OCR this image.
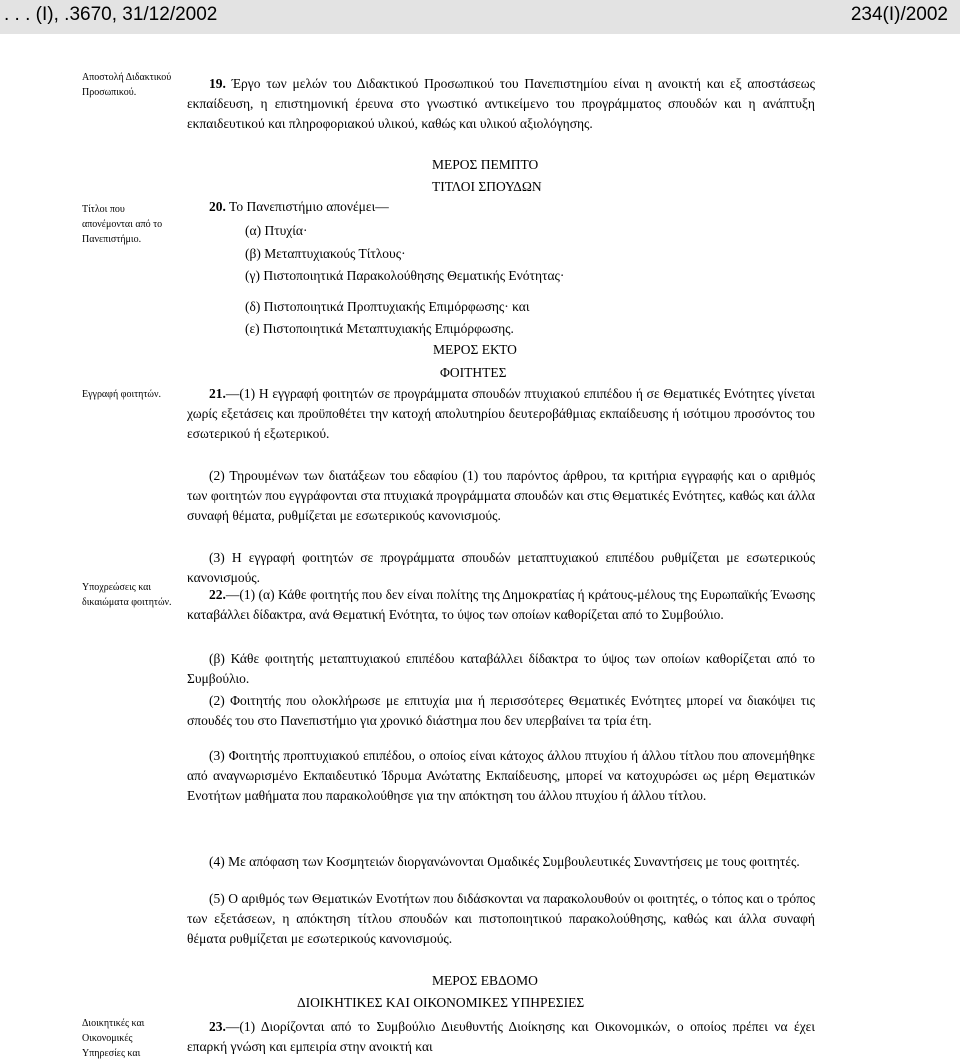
. . . (Ι), .3670, 31/12/2002	234(Ι)/2002
Αποστολή Διδακτικού Προσωπικού.
Τίτλοι που απονέμονται από το Πανεπιστήμιο.
Εγγραφή φοιτητών.
Υποχρεώσεις και δικαιώματα φοιτητών.
Διοικητικές και Οικονομικές Υπηρεσίες και
19. Έργο των μελών του Διδακτικού Προσωπικού του Πανεπιστημίου είναι η ανοικτή και εξ αποστάσεως εκπαίδευση, η επιστημονική έρευνα στο γνωστικό αντικείμενο του προγράμματος σπουδών και η ανάπτυξη εκπαιδευτικού και πληροφοριακού υλικού, καθώς και υλικού αξιολόγησης.
ΜΕΡΟΣ ΠΕΜΠΤΟ
ΤΙΤΛΟΙ ΣΠΟΥΔΩΝ
20. Το Πανεπιστήμιο απονέμει—
(α) Πτυχία·
(β) Μεταπτυχιακούς Τίτλους·
(γ) Πιστοποιητικά Παρακολούθησης Θεματικής Ενότητας·
(δ) Πιστοποιητικά Προπτυχιακής Επιμόρφωσης· και
(ε) Πιστοποιητικά Μεταπτυχιακής Επιμόρφωσης.
ΜΕΡΟΣ ΕΚΤΟ
ΦΟΙΤΗΤΕΣ
21.—(1) Η εγγραφή φοιτητών σε προγράμματα σπουδών πτυχιακού επιπέδου ή σε Θεματικές Ενότητες γίνεται χωρίς εξετάσεις και προϋποθέτει την κατοχή απολυτηρίου δευτεροβάθμιας εκπαίδευσης ή ισότιμου προσόντος του εσωτερικού ή εξωτερικού.
(2) Τηρουμένων των διατάξεων του εδαφίου (1) του παρόντος άρθρου, τα κριτήρια εγγραφής και ο αριθμός των φοιτητών που εγγράφονται στα πτυχιακά προγράμματα σπουδών και στις Θεματικές Ενότητες, καθώς και άλλα συναφή θέματα, ρυθμίζεται με εσωτερικούς κανονισμούς.
(3) Η εγγραφή φοιτητών σε προγράμματα σπουδών μεταπτυχιακού επιπέδου ρυθμίζεται με εσωτερικούς κανονισμούς.
22.—(1) (α) Κάθε φοιτητής που δεν είναι πολίτης της Δημοκρατίας ή κράτους-μέλους της Ευρωπαϊκής Ένωσης καταβάλλει δίδακτρα, ανά Θεματική Ενότητα, το ύψος των οποίων καθορίζεται από το Συμβούλιο.
(β) Κάθε φοιτητής μεταπτυχιακού επιπέδου καταβάλλει δίδακτρα το ύψος των οποίων καθορίζεται από το Συμβούλιο.
(2) Φοιτητής που ολοκλήρωσε με επιτυχία μια ή περισσότερες Θεματικές Ενότητες μπορεί να διακόψει τις σπουδές του στο Πανεπιστήμιο για χρονικό διάστημα που δεν υπερβαίνει τα τρία έτη.
(3) Φοιτητής προπτυχιακού επιπέδου, ο οποίος είναι κάτοχος άλλου πτυχίου ή άλλου τίτλου που απονεμήθηκε από αναγνωρισμένο Εκπαιδευτικό Ίδρυμα Ανώτατης Εκπαίδευσης, μπορεί να κατοχυρώσει ως μέρη Θεματικών Ενοτήτων μαθήματα που παρακολούθησε για την απόκτηση του άλλου πτυχίου ή άλλου τίτλου.
(4) Με απόφαση των Κοσμητειών διοργανώνονται Ομαδικές Συμβουλευτικές Συναντήσεις με τους φοιτητές.
(5) Ο αριθμός των Θεματικών Ενοτήτων που διδάσκονται να παρακολουθούν οι φοιτητές, ο τόπος και ο τρόπος των εξετάσεων, η απόκτηση τίτλου σπουδών και πιστοποιητικού παρακολούθησης, καθώς και άλλα συναφή θέματα ρυθμίζεται με εσωτερικούς κανονισμούς.
ΜΕΡΟΣ ΕΒΔΟΜΟ
ΔΙΟΙΚΗΤΙΚΕΣ ΚΑΙ ΟΙΚΟΝΟΜΙΚΕΣ ΥΠΗΡΕΣΙΕΣ
23.—(1) Διορίζονται από το Συμβούλιο Διευθυντής Διοίκησης και Οικονομικών, ο οποίος πρέπει να έχει επαρκή γνώση και εμπειρία στην ανοικτή και
